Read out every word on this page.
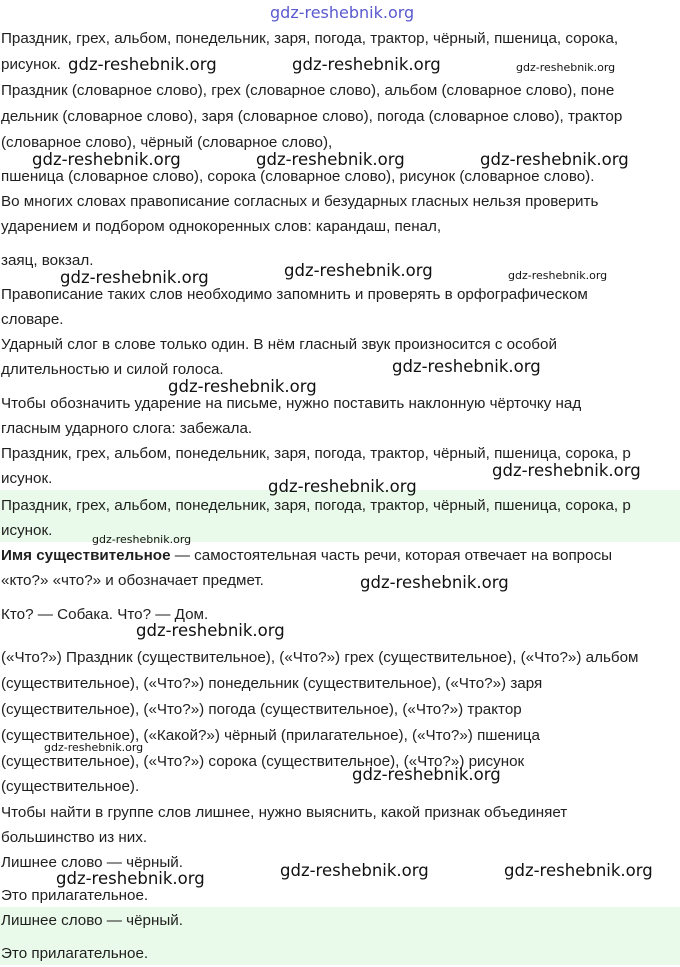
Праздник, грех, альбом, понедельник, заря, погода, трактор, чёрный, пшеница, сорока,
рисунок.
Праздник (словарное слово), грех (словарное слово), альбом (словарное слово), поне
дельник (словарное слово), заря (словарное слово), погода (словарное слово), трактор
(словарное слово), чёрный (словарное слово),
пшеница (словарное слово), сорока (словарное слово), рисунок (словарное слово).
Во многих словах правописание согласных и безударных гласных нельзя проверить
ударением и подбором однокоренных слов: карандаш, пенал,
заяц, вокзал.
Правописание таких слов необходимо запомнить и проверять в орфографическом
словаре.
Ударный слог в слове только один. В нём гласный звук произносится с особой
длительностью и силой голоса.
Чтобы обозначить ударение на письме, нужно поставить наклонную чёрточку над
гласным ударного слога: забежала.
Праздник, грех, альбом, понедельник, заря, погода, трактор, чёрный, пшеница, сорока, р
исунок.
Праздник, грех, альбом, понедельник, заря, погода, трактор, чёрный, пшеница, сорока, р
исунок.
Имя существительное — самостоятельная часть речи, которая отвечает на вопросы
«кто?» «что?» и обозначает предмет.
Кто? — Собака. Что? — Дом.
(«Что?») Праздник (существительное), («Что?») грех (существительное), («Что?») альбом
(существительное), («Что?») понедельник (существительное), («Что?») заря
(существительное), («Что?») погода (существительное), («Что?») трактор
(существительное), («Какой?») чёрный (прилагательное), («Что?») пшеница
(существительное), («Что?») сорока (существительное), («Что?») рисунок
(существительное).
Чтобы найти в группе слов лишнее, нужно выяснить, какой признак объединяет
большинство из них.
Лишнее слово — чёрный.
Это прилагательное.
Лишнее слово — чёрный.
Это прилагательное.
gdz-reshebnik.org
gdz-reshebnik.org	gdz-reshebnik.org	gdz-reshebnik.org
gdz-reshebnik.org	gdz-reshebnik.org	gdz-reshebnik.org
gdz-reshebnik.org	gdz-reshebnik.org	gdz-reshebnik.org
gdz-reshebnik.org
gdz-reshebnik.org
gdz-reshebnik.org
gdz-reshebnik.org
gdz-reshebnik.org
gdz-reshebnik.org
gdz-reshebnik.org
gdz-reshebnik.org
gdz-reshebnik.org
gdz-reshebnik.org	gdz-reshebnik.org
gdz-reshebnik.org
